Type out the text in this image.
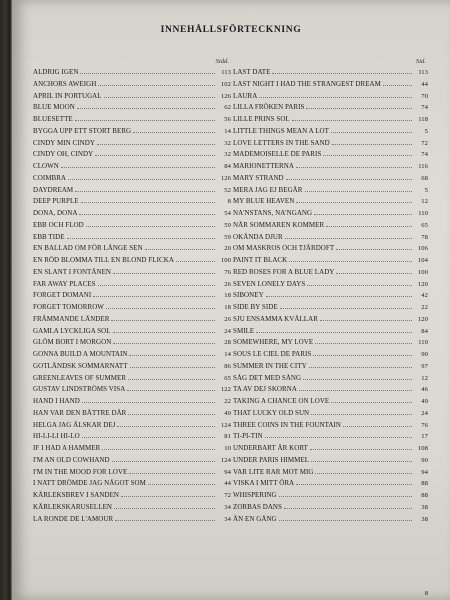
INNEHÅLLSFÖRTECKNING
Sidd.
ALDRIG IGEN	113
ANCHORS AWEIGH	102
APRIL IN PORTUGAL	126
BLUE MOON	62
BLUESETTE	56
BYGGA UPP ETT STORT BERG	14
CINDY MIN CINDY	32
CINDY OH, CINDY	32
CLOWN	84
COIMBRA	126
DAYDREAM	52
DEEP PURPLE	8
DONA, DONA	54
EBB OCH FLOD	59
EBB TIDE	59
EN BALLAD OM FÖR LÄNGE SEN	20
EN RÖD BLOMMA TILL EN BLOND FLICKA	100
EN SLANT I FONTÄNEN	76
FAR AWAY PLACES	26
FORGET DOMANI	18
FORGET TOMORROW	18
FRÄMMANDE LÄNDER	26
GAMLA LYCKLIGA SOL	24
GLÖM BORT I MORGON	28
GONNA BUILD A MOUNTAIN	14
GOTLÄNDSK SOMMARNATT	86
GREENLEAVES OF SUMMER	65
GUSTAV LINDSTRÖMS VISA	122
HAND I HAND	22
HAN VAR DEN BÄTTRE DÄR	49
HELGA JAG ÄLSKAR DEJ	124
HI-LI-LI HI-LO	81
IF I HAD A HAMMER	10
I'M AN OLD COWHAND	124
I'M IN THE MOOD FOR LOVE	94
I NATT DRÖMDE JAG NÅGOT SOM	44
KÄRLEKSBREV I SANDEN	72
KÄRLEKSKARUSELLEN	34
LA RONDE DE L'AMOUR	34
Sid.
LAST DATE	113
LAST NIGHT I HAD THE STRANGEST DREAM	44
LAURA	70
LILLA FRÖKEN PARIS	74
LILLE PRINS SOL	118
LITTLE THINGS MEAN A LOT	5
LOVE LETTERS IN THE SAND	72
MADEMOISELLE DE PARIS	74
MARIONETTERNA	116
MARY STRAND	68
MERA JAG EJ BEGÄR	5
MY BLUE HEAVEN	12
NA'NSTANS, NA'NGANG	110
NÄR SOMMAREN KOMMER	65
OKÄNDA DJUR	78
OM MASKROS OCH TJÄRDOFT	106
PAINT IT BLACK	104
RED ROSES FOR A BLUE LADY	100
SEVEN LONELY DAYS	120
SIBONEY	42
SIDE BY SIDE	22
SJU ENSAMMA KVÄLLAR	120
SMILE	84
SOMEWHERE, MY LOVE	110
SOUS LE CIEL DE PARIS	90
SUMMER IN THE CITY	97
SÅG DET MED SÅNG	12
TA AV DEJ SKORNA	46
TAKING A CHANCE ON LOVE	49
THAT LUCKY OLD SUN	24
THREE COINS IN THE FOUNTAIN	76
TI-PI-TIN	17
UNDERBART ÄR KORT	108
UNDER PARIS HIMMEL	90
VAR LITE RAR MOT MIG	94
VISKA I MITT ÖRA	88
WHISPERING	88
ZORBAS DANS	38
ÄN EN GÅNG	38
8
